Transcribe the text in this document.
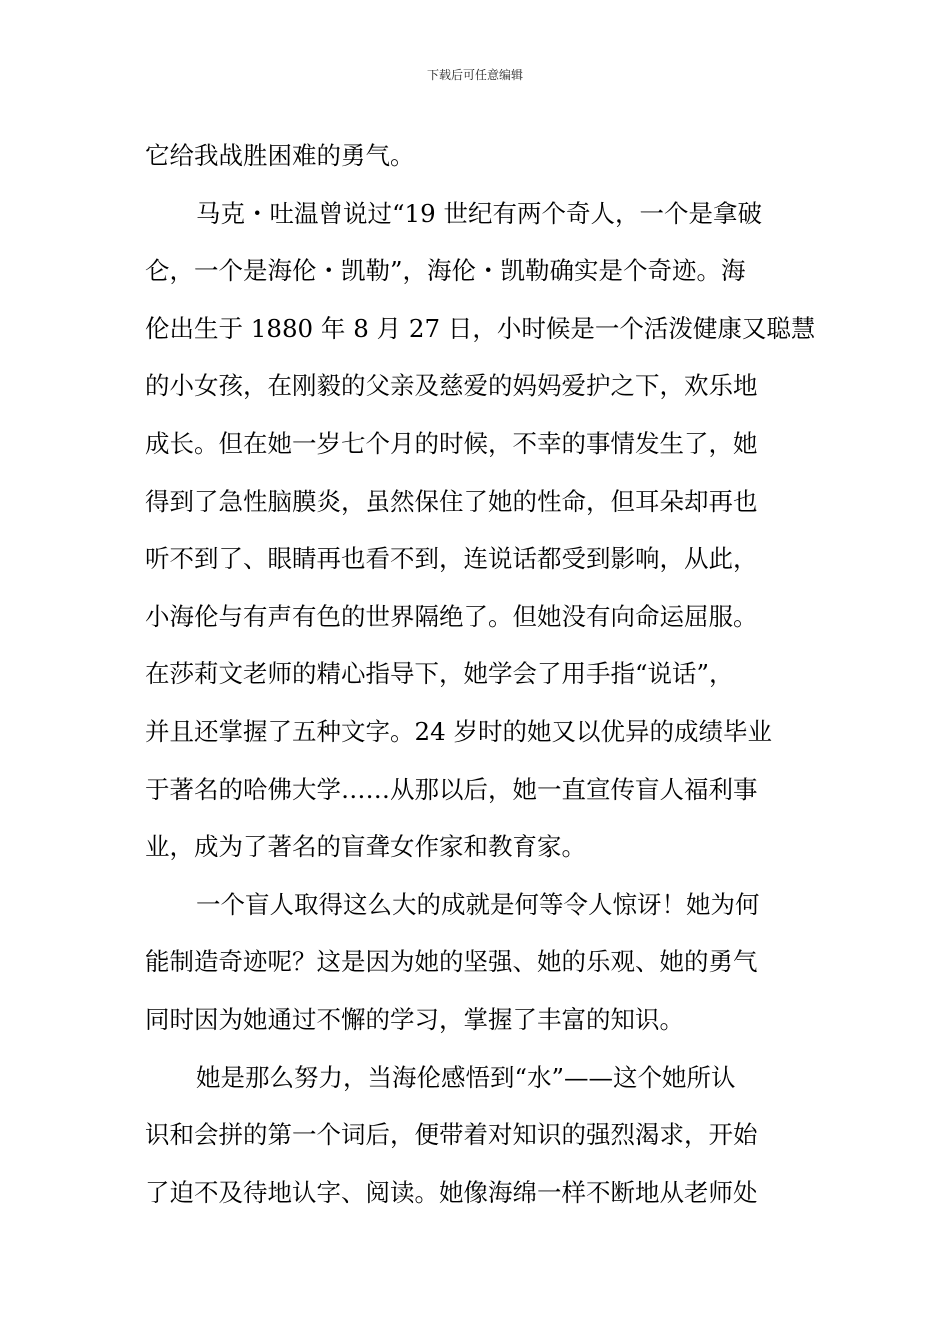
下载后可任意编辑
它给我战胜困难的勇气。
马克・吐温曾说过“19 世纪有两个奇人，一个是拿破
仑，一个是海伦・凯勒”，海伦・凯勒确实是个奇迹。海
伦出生于 1880 年 8 月 27 日，小时候是一个活泼健康又聪慧
的小女孩，在刚毅的父亲及慈爱的妈妈爱护之下，欢乐地
成长。但在她一岁七个月的时候，不幸的事情发生了，她
得到了急性脑膜炎，虽然保住了她的性命，但耳朵却再也
听不到了、眼睛再也看不到，连说话都受到影响，从此，
小海伦与有声有色的世界隔绝了。但她没有向命运屈服。
在莎莉文老师的精心指导下，她学会了用手指“说话”，
并且还掌握了五种文字。24 岁时的她又以优异的成绩毕业
于著名的哈佛大学……从那以后，她一直宣传盲人福利事
业，成为了著名的盲聋女作家和教育家。
一个盲人取得这么大的成就是何等令人惊讶！她为何
能制造奇迹呢？这是因为她的坚强、她的乐观、她的勇气
同时因为她通过不懈的学习，掌握了丰富的知识。
她是那么努力，当海伦感悟到“水”——这个她所认
识和会拼的第一个词后，便带着对知识的强烈渴求，开始
了迫不及待地认字、阅读。她像海绵一样不断地从老师处
